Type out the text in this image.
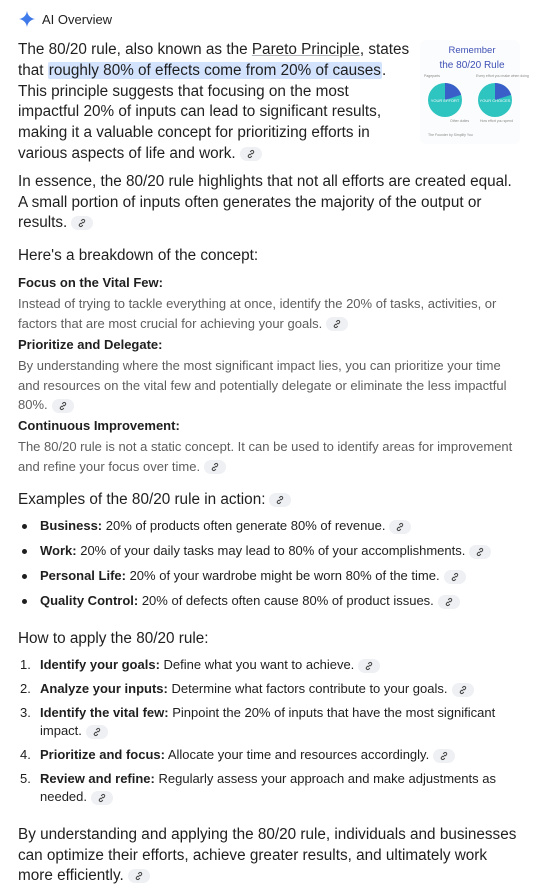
AI Overview
The 80/20 rule, also known as the Pareto Principle, states that roughly 80% of effects come from 20% of causes. This principle suggests that focusing on the most impactful 20% of inputs can lead to significant results, making it a valuable concept for prioritizing efforts in various aspects of life and work.
Remember
the 80/20 Rule
Pageparts	Every effort you make when doing
YOUR EFFORT	YOUR CHOICES
Other duties	How effort you spend
The Founder by Simplify You
In essence, the 80/20 rule highlights that not all efforts are created equal. A small portion of inputs often generates the majority of the output or results.
Here's a breakdown of the concept:
Focus on the Vital Few:
Instead of trying to tackle everything at once, identify the 20% of tasks, activities, or factors that are most crucial for achieving your goals.
Prioritize and Delegate:
By understanding where the most significant impact lies, you can prioritize your time and resources on the vital few and potentially delegate or eliminate the less impactful 80%.
Continuous Improvement:
The 80/20 rule is not a static concept. It can be used to identify areas for improvement and refine your focus over time.
Examples of the 80/20 rule in action:
Business: 20% of products often generate 80% of revenue.
Work: 20% of your daily tasks may lead to 80% of your accomplishments.
Personal Life: 20% of your wardrobe might be worn 80% of the time.
Quality Control: 20% of defects often cause 80% of product issues.
How to apply the 80/20 rule:
1. Identify your goals: Define what you want to achieve.
2. Analyze your inputs: Determine what factors contribute to your goals.
3. Identify the vital few: Pinpoint the 20% of inputs that have the most significant impact.
4. Prioritize and focus: Allocate your time and resources accordingly.
5. Review and refine: Regularly assess your approach and make adjustments as needed.
By understanding and applying the 80/20 rule, individuals and businesses can optimize their efforts, achieve greater results, and ultimately work more efficiently.
